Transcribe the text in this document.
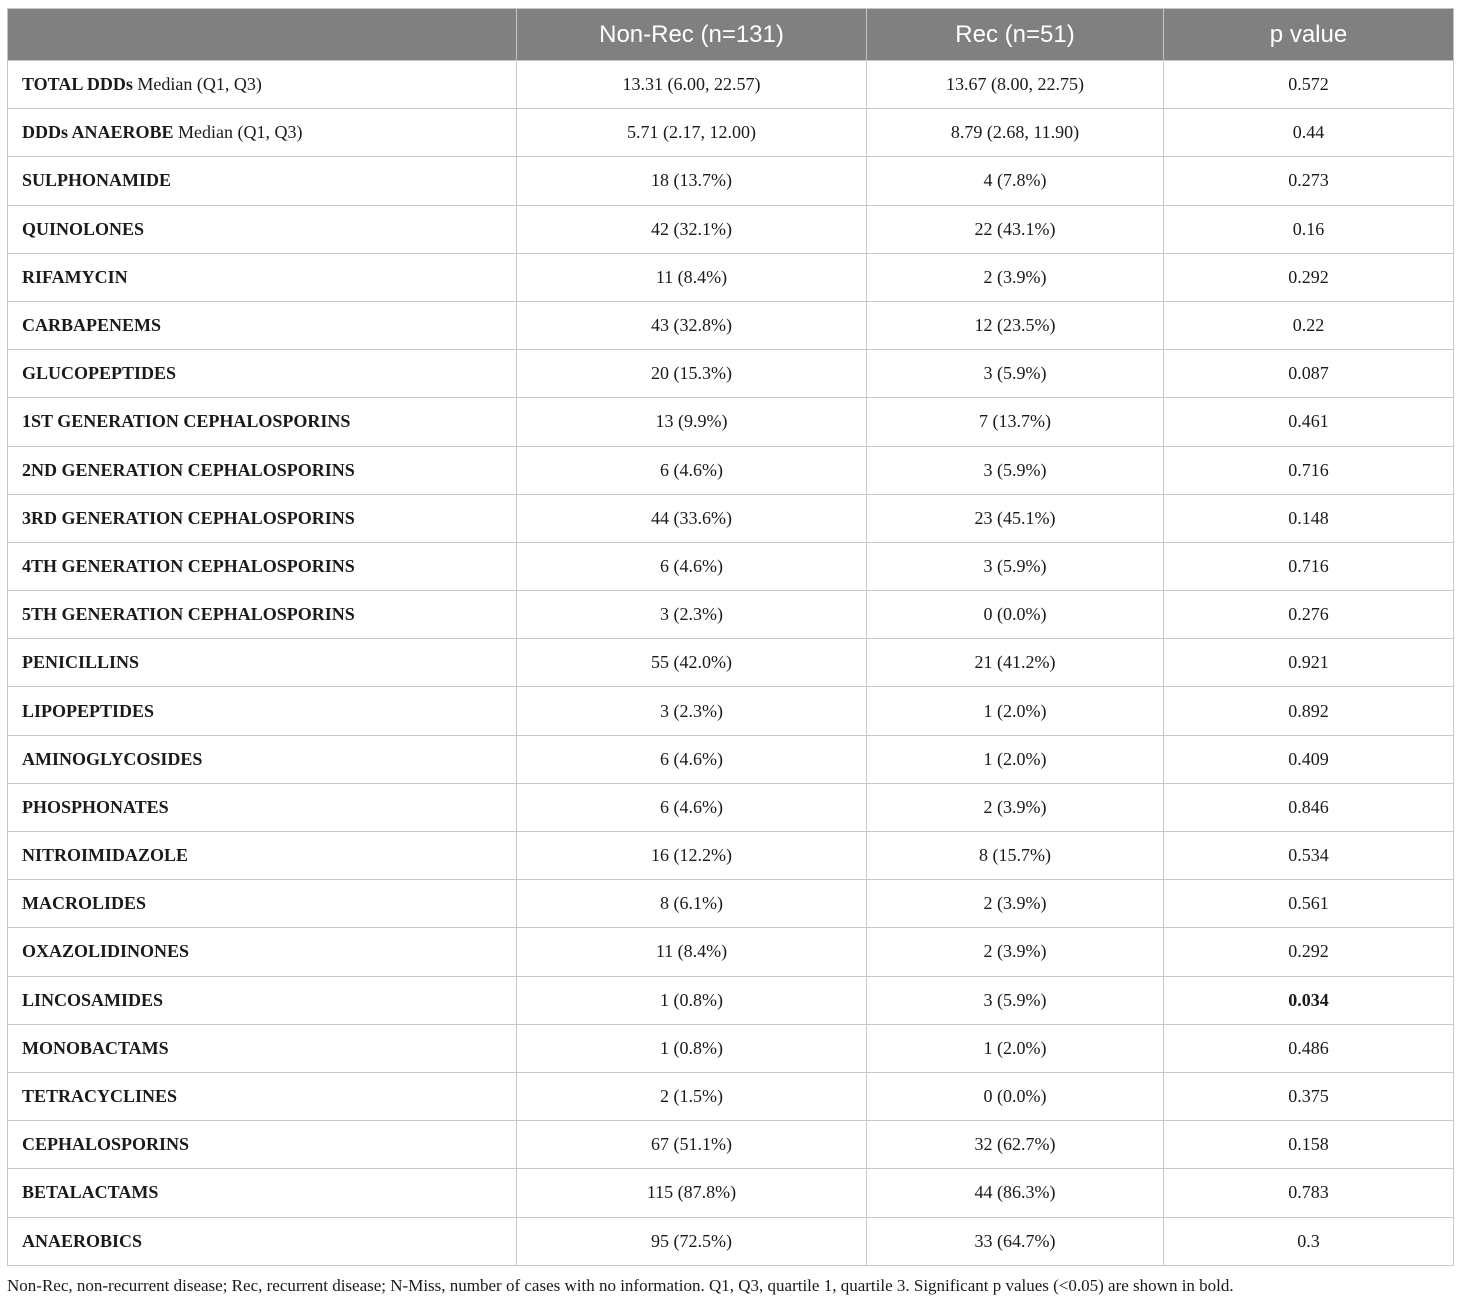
	Non-Rec (n=131)	Rec (n=51)	p value
TOTAL DDDs Median (Q1, Q3)	13.31 (6.00, 22.57)	13.67 (8.00, 22.75)	0.572
DDDs ANAEROBE Median (Q1, Q3)	5.71 (2.17, 12.00)	8.79 (2.68, 11.90)	0.44
SULPHONAMIDE	18 (13.7%)	4 (7.8%)	0.273
QUINOLONES	42 (32.1%)	22 (43.1%)	0.16
RIFAMYCIN	11 (8.4%)	2 (3.9%)	0.292
CARBAPENEMS	43 (32.8%)	12 (23.5%)	0.22
GLUCOPEPTIDES	20 (15.3%)	3 (5.9%)	0.087
1ST GENERATION CEPHALOSPORINS	13 (9.9%)	7 (13.7%)	0.461
2ND GENERATION CEPHALOSPORINS	6 (4.6%)	3 (5.9%)	0.716
3RD GENERATION CEPHALOSPORINS	44 (33.6%)	23 (45.1%)	0.148
4TH GENERATION CEPHALOSPORINS	6 (4.6%)	3 (5.9%)	0.716
5TH GENERATION CEPHALOSPORINS	3 (2.3%)	0 (0.0%)	0.276
PENICILLINS	55 (42.0%)	21 (41.2%)	0.921
LIPOPEPTIDES	3 (2.3%)	1 (2.0%)	0.892
AMINOGLYCOSIDES	6 (4.6%)	1 (2.0%)	0.409
PHOSPHONATES	6 (4.6%)	2 (3.9%)	0.846
NITROIMIDAZOLE	16 (12.2%)	8 (15.7%)	0.534
MACROLIDES	8 (6.1%)	2 (3.9%)	0.561
OXAZOLIDINONES	11 (8.4%)	2 (3.9%)	0.292
LINCOSAMIDES	1 (0.8%)	3 (5.9%)	0.034
MONOBACTAMS	1 (0.8%)	1 (2.0%)	0.486
TETRACYCLINES	2 (1.5%)	0 (0.0%)	0.375
CEPHALOSPORINS	67 (51.1%)	32 (62.7%)	0.158
BETALACTAMS	115 (87.8%)	44 (86.3%)	0.783
ANAEROBICS	95 (72.5%)	33 (64.7%)	0.3
Non-Rec, non-recurrent disease; Rec, recurrent disease; N-Miss, number of cases with no information. Q1, Q3, quartile 1, quartile 3. Significant p values (<0.05) are shown in bold.
